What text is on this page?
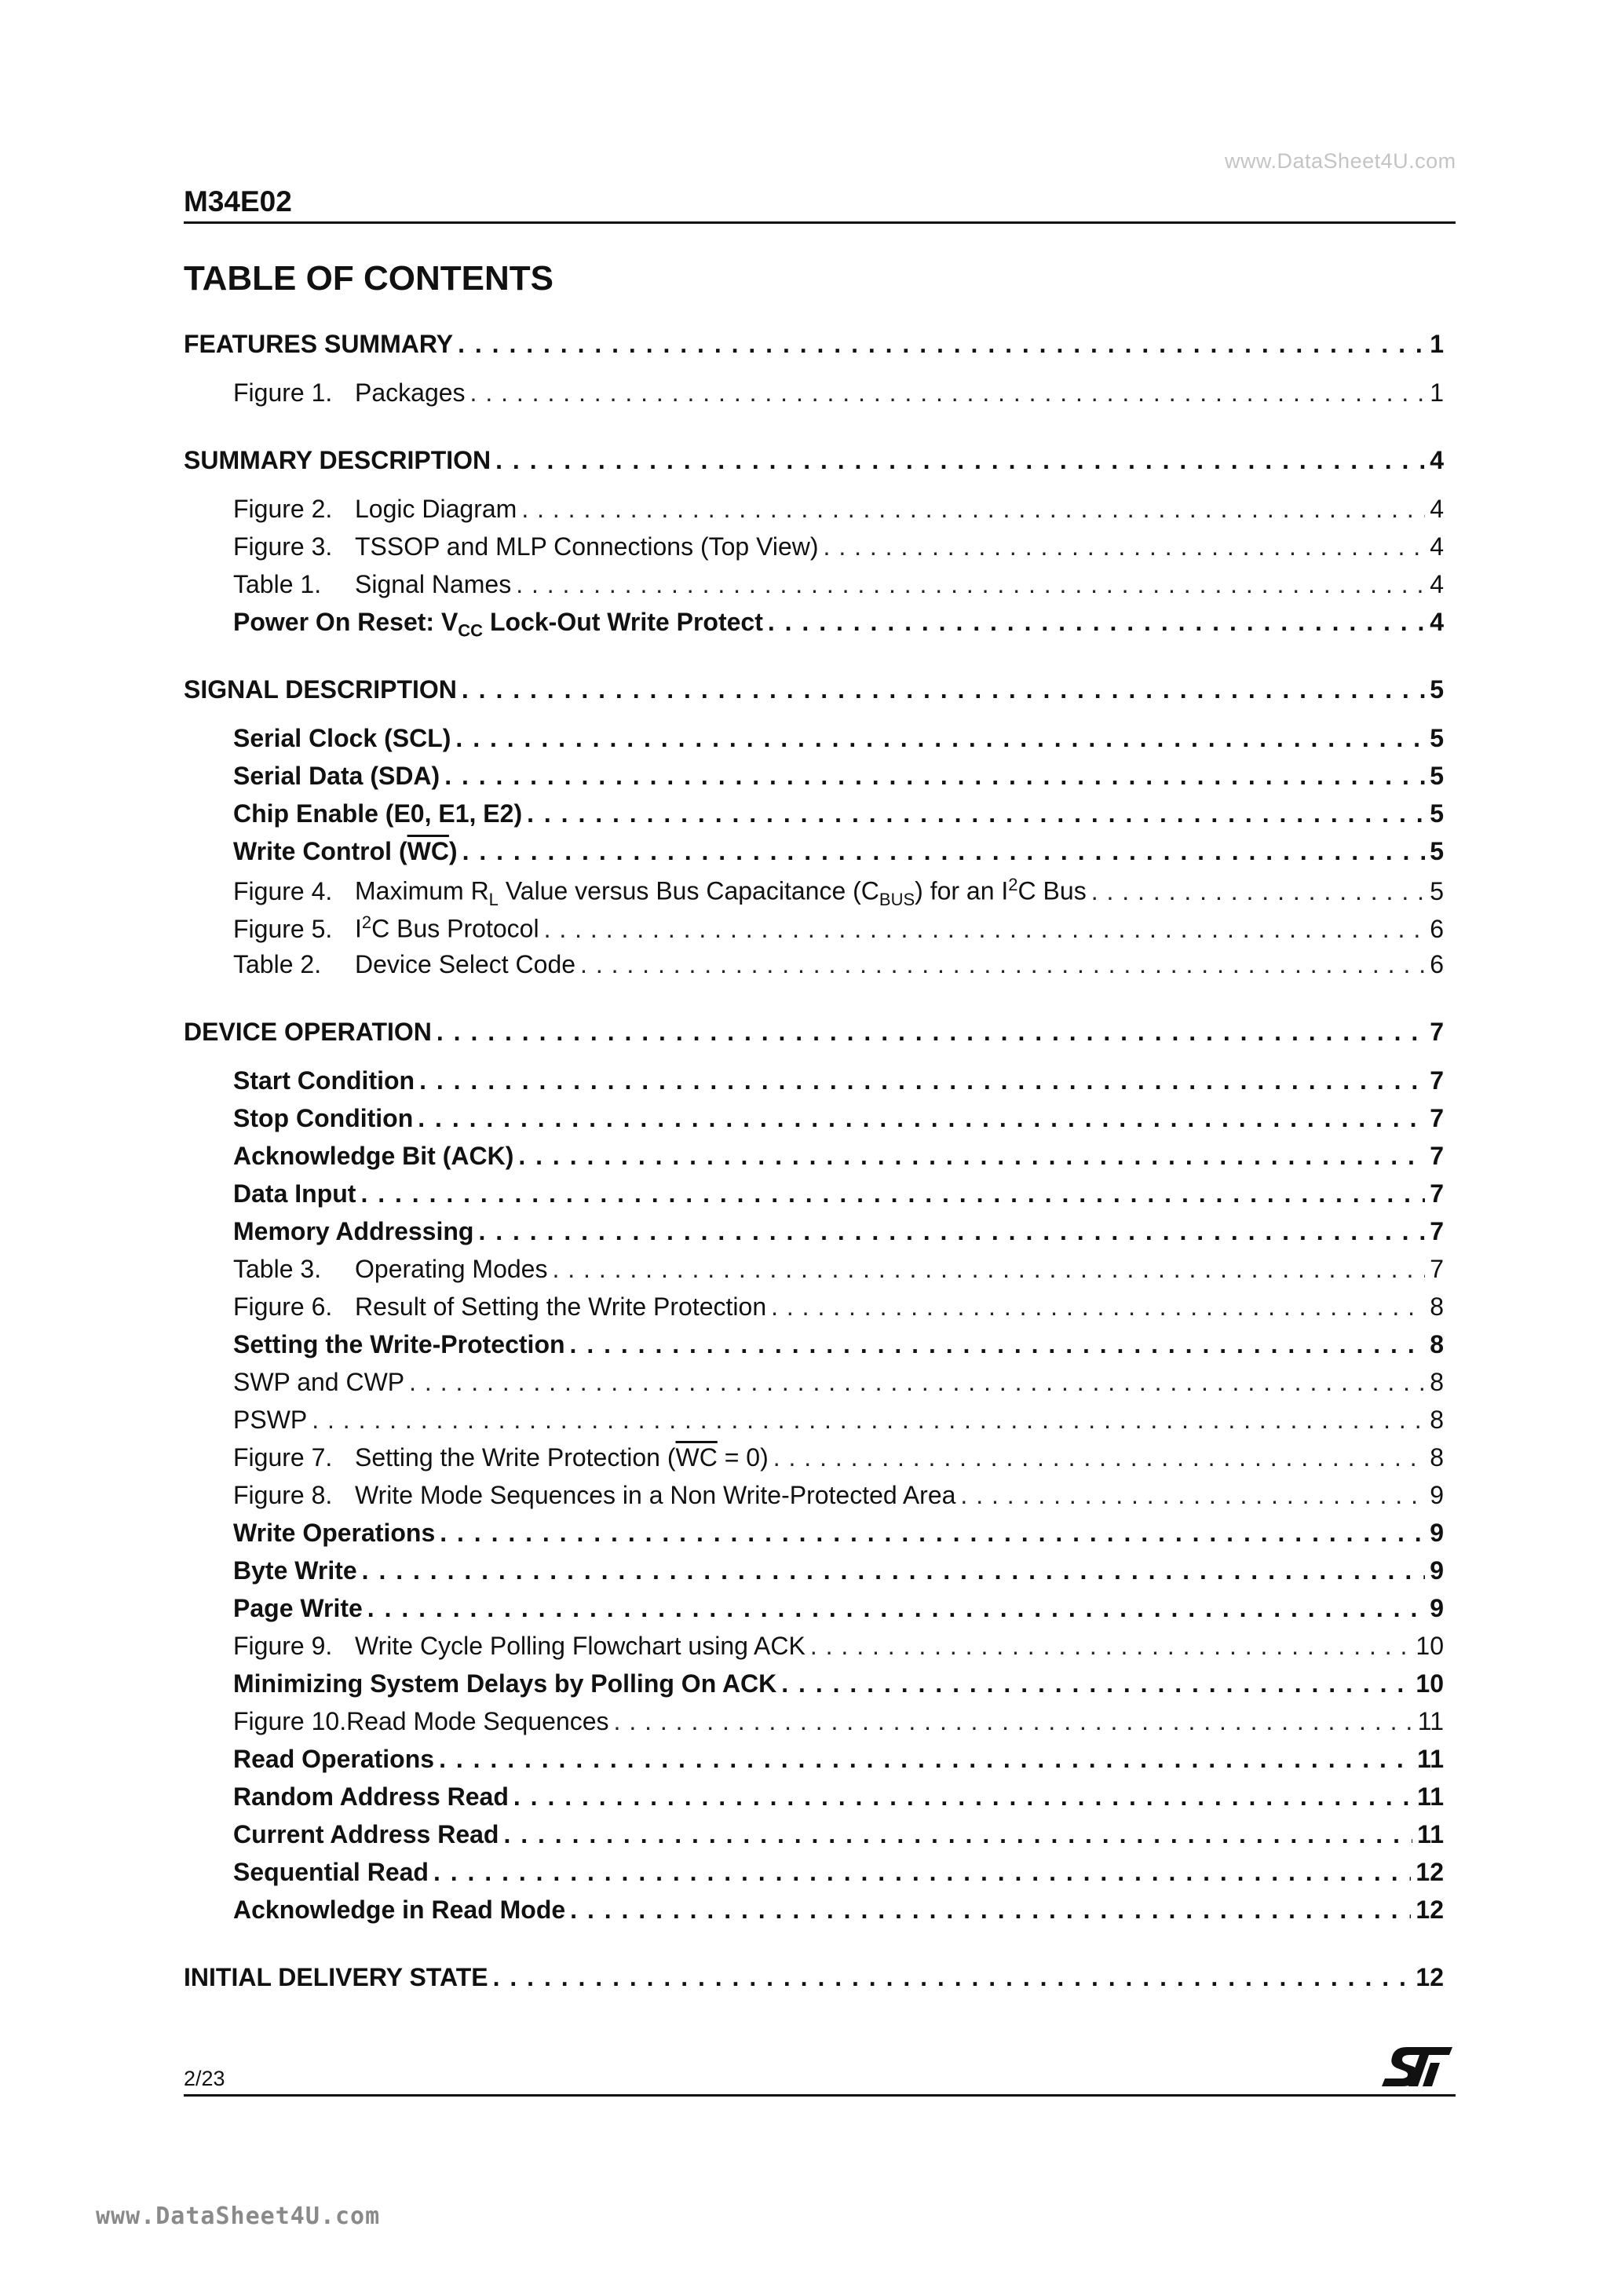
www.DataSheet4U.com
M34E02
TABLE OF CONTENTS
FEATURES SUMMARY . . .	1
Figure 1. Packages . . .	1
SUMMARY DESCRIPTION . . .	4
Figure 2. Logic Diagram . . .	4
Figure 3. TSSOP and MLP Connections (Top View) . . .	4
Table 1. Signal Names . . .	4
Power On Reset: $V_{CC}$ Lock-Out Write Protect . . .	4
SIGNAL DESCRIPTION . . .	5
Serial Clock (SCL) . . .	5
Serial Data (SDA) . . .	5
Chip Enable (E0, E1, E2) . . .	5
Write Control $(\overline{WC})$ . . .	5
Figure 4. Maximum $R_L$ Value versus Bus Capacitance $(C_{BUS})$ for an $I^2C$ Bus . . .	5
Figure 5. $I^2C$ Bus Protocol . . .	6
Table 2. Device Select Code . . .	6
DEVICE OPERATION . . .	7
Start Condition . . .	7
Stop Condition . . .	7
Acknowledge Bit (ACK) . . .	7
Data Input . . .	7
Memory Addressing . . .	7
Table 3. Operating Modes . . .	7
Figure 6. Result of Setting the Write Protection . . .	8
Setting the Write-Protection . . .	8
SWP and CWP . . .	8
PSWP . . .	8
Figure 7. Setting the Write Protection $(\overline{WC} = 0)$ . . .	8
Figure 8. Write Mode Sequences in a Non Write-Protected Area . . .	9
Write Operations . . .	9
Byte Write . . .	9
Page Write . . .	9
Figure 9. Write Cycle Polling Flowchart using ACK . . .	10
Minimizing System Delays by Polling On ACK . . .	10
Figure 10.Read Mode Sequences . . .	11
Read Operations . . .	11
Random Address Read . . .	11
Current Address Read . . .	11
Sequential Read . . .	12
Acknowledge in Read Mode . . .	12
INITIAL DELIVERY STATE . . .	12
2/23
www.DataSheet4U.com
